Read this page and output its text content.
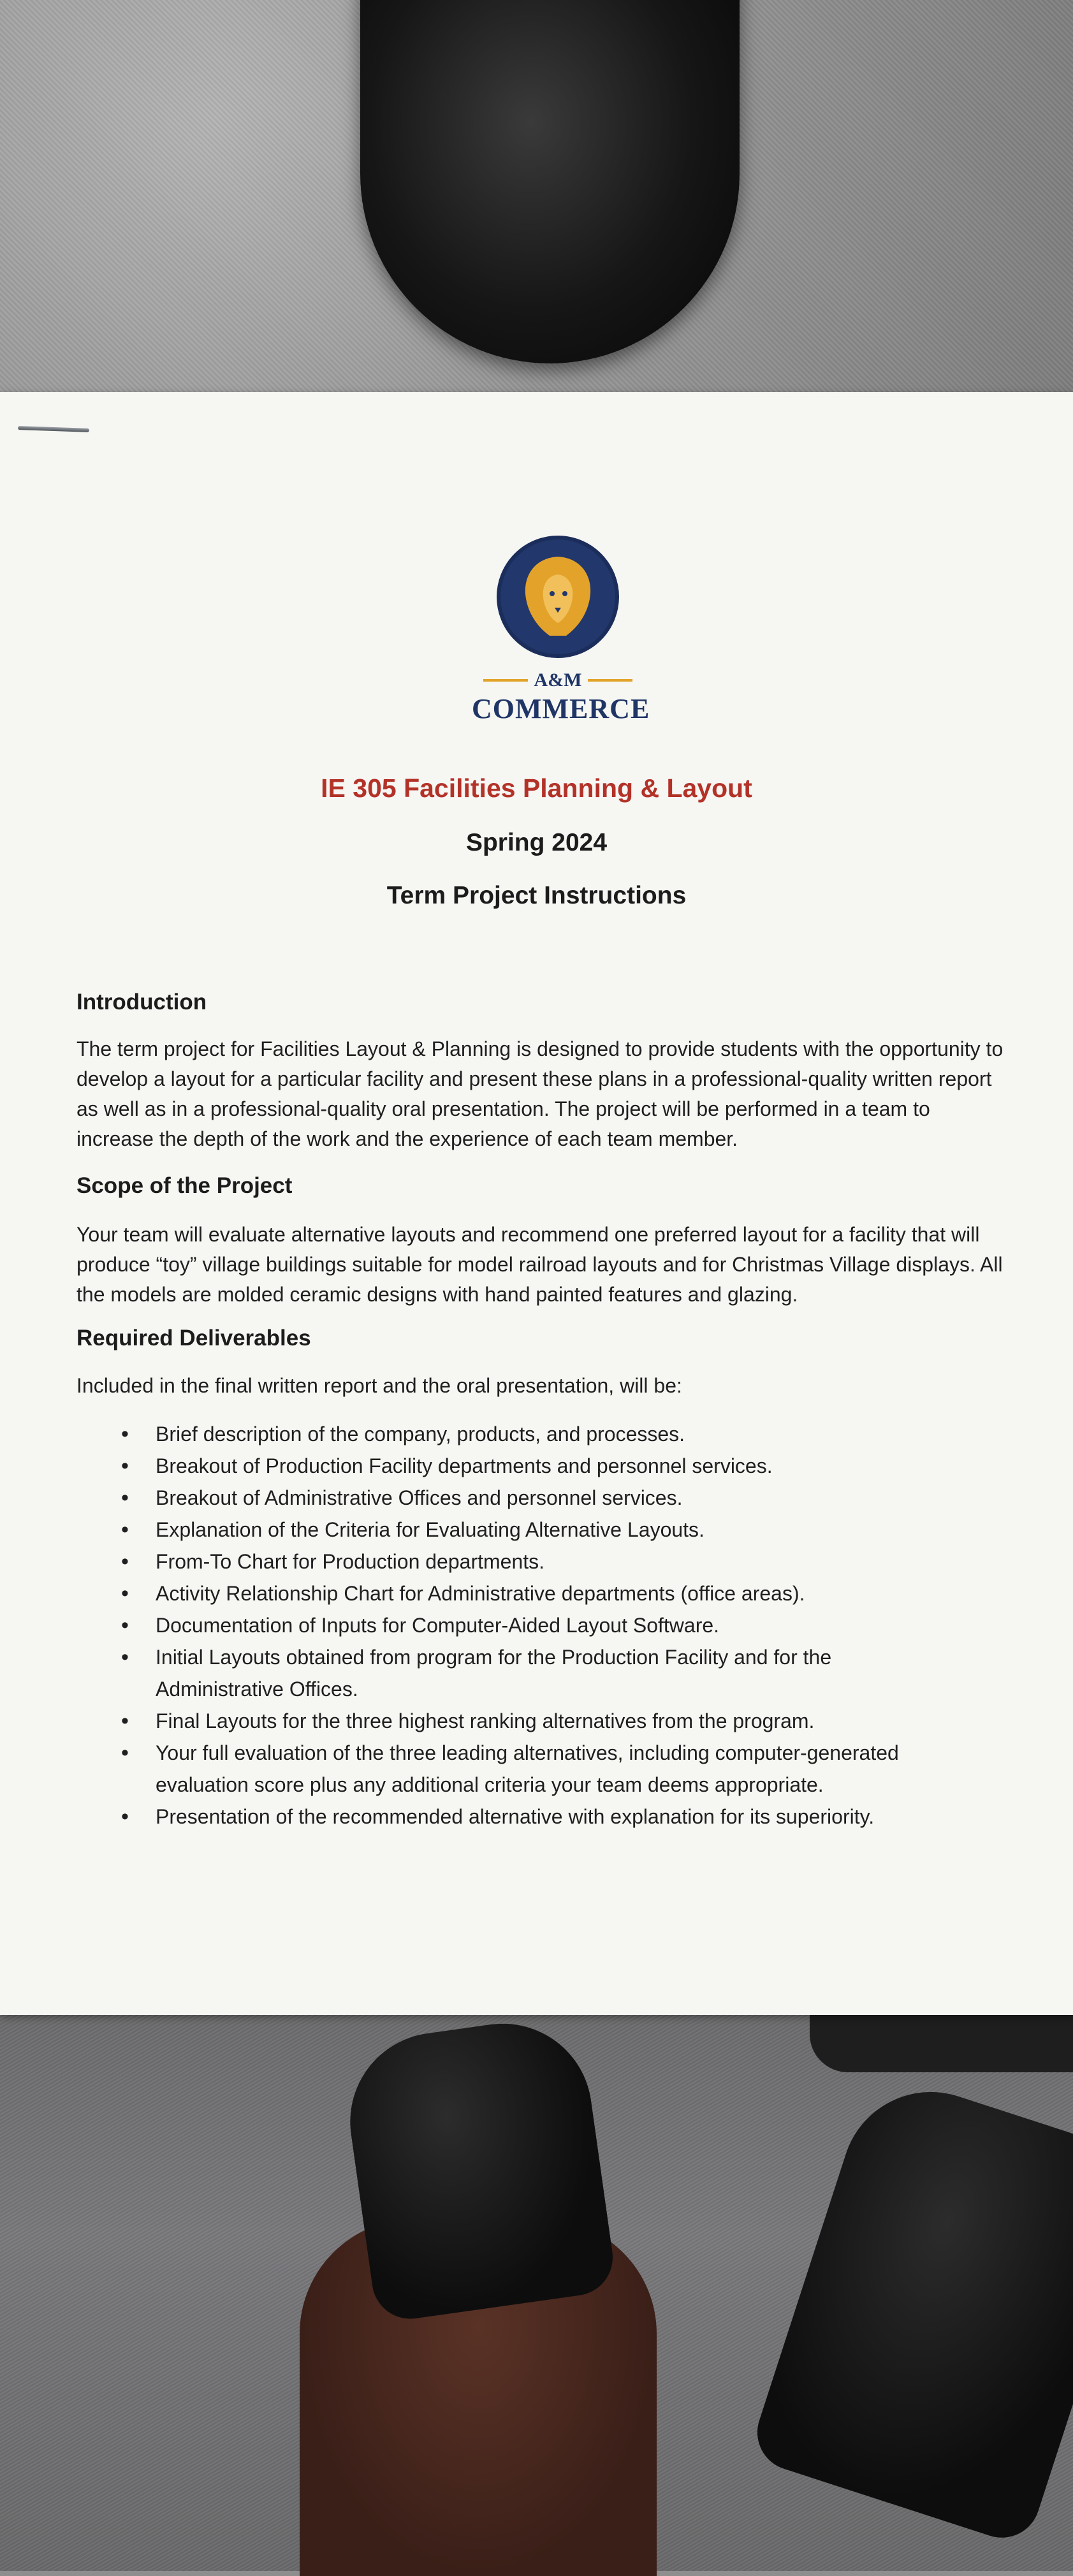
A&M
COMMERCE
IE 305 Facilities Planning & Layout
Spring 2024
Term Project Instructions
Introduction
The term project for Facilities Layout & Planning is designed to provide students with the opportunity to
develop a layout for a particular facility and present these plans in a professional-quality written report
as well as in a professional-quality oral presentation. The project will be performed in a team to
increase the depth of the work and the experience of each team member.
Scope of the Project
Your team will evaluate alternative layouts and recommend one preferred layout for a facility that will
produce “toy” village buildings suitable for model railroad layouts and for Christmas Village displays. All
the models are molded ceramic designs with hand painted features and glazing.
Required Deliverables
Included in the final written report and the oral presentation, will be:
• Brief description of the company, products, and processes.
• Breakout of Production Facility departments and personnel services.
• Breakout of Administrative Offices and personnel services.
• Explanation of the Criteria for Evaluating Alternative Layouts.
• From-To Chart for Production departments.
• Activity Relationship Chart for Administrative departments (office areas).
• Documentation of Inputs for Computer-Aided Layout Software.
• Initial Layouts obtained from program for the Production Facility and for the
Administrative Offices.
• Final Layouts for the three highest ranking alternatives from the program.
• Your full evaluation of the three leading alternatives, including computer-generated
evaluation score plus any additional criteria your team deems appropriate.
• Presentation of the recommended alternative with explanation for its superiority.
